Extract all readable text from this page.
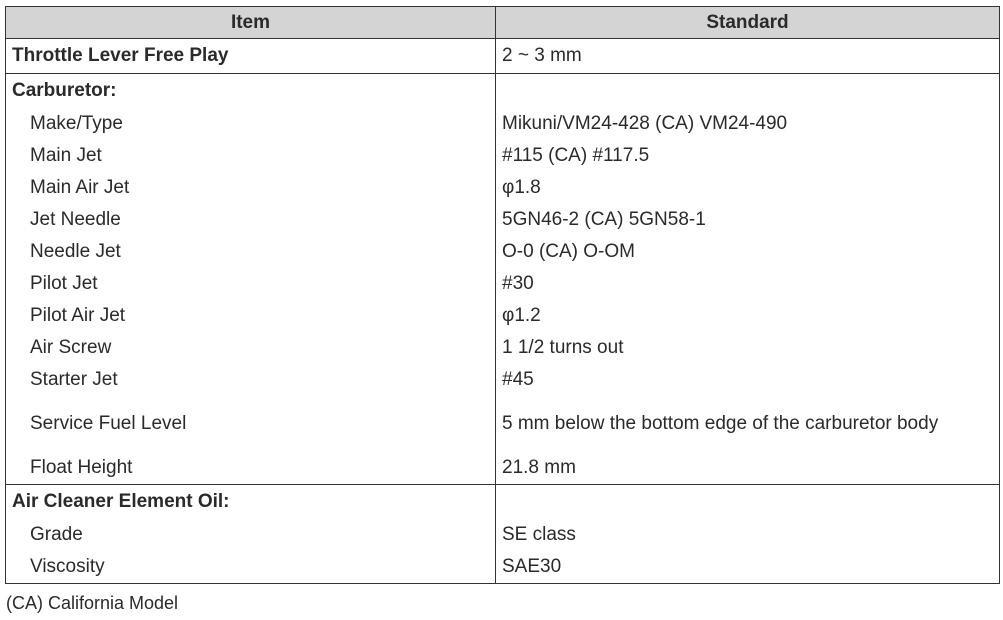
Item	Standard
Throttle Lever Free Play	2 ~ 3 mm
Carburetor:	
Make/Type	Mikuni/VM24-428 (CA) VM24-490
Main Jet	#115 (CA) #117.5
Main Air Jet	φ1.8
Jet Needle	5GN46-2 (CA) 5GN58-1
Needle Jet	O-0 (CA) O-OM
Pilot Jet	#30
Pilot Air Jet	φ1.2
Air Screw	1 1/2 turns out
Starter Jet	#45
Service Fuel Level	5 mm below the bottom edge of the carburetor body
Float Height	21.8 mm
Air Cleaner Element Oil:	
Grade	SE class
Viscosity	SAE30
(CA) California Model
